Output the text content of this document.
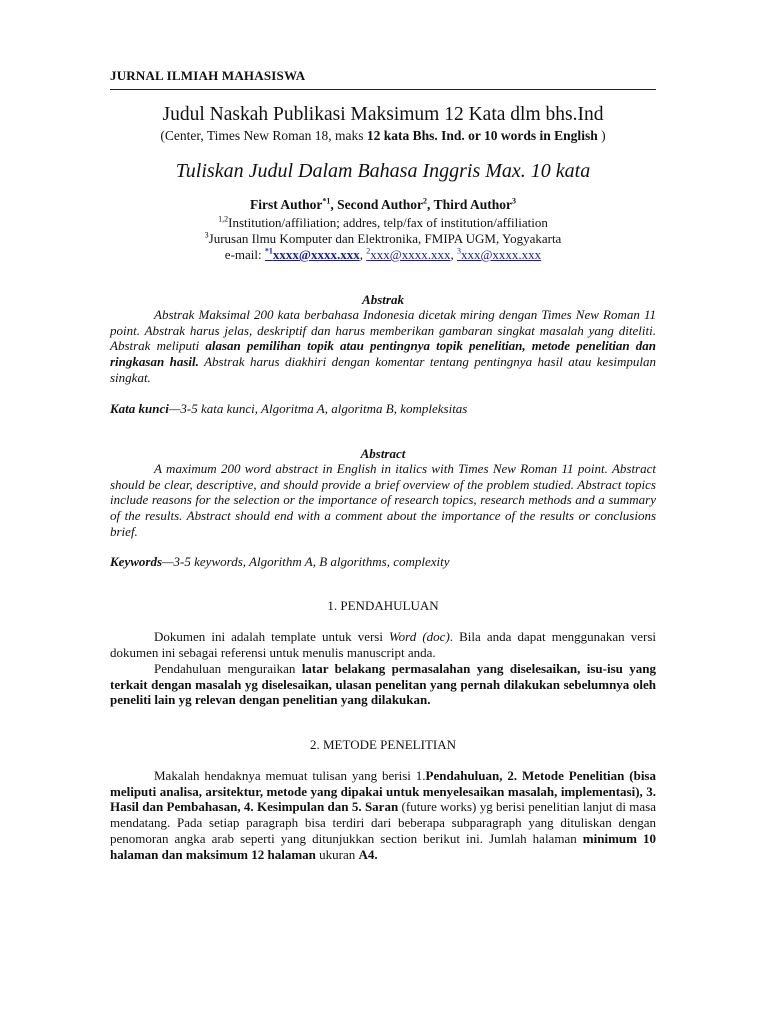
JURNAL ILMIAH MAHASISWA
Judul Naskah Publikasi Maksimum 12 Kata dlm bhs.Ind
(Center, Times New Roman 18, maks 12 kata Bhs. Ind. or 10 words in English )
Tuliskan Judul Dalam Bahasa Inggris Max. 10 kata
First Author$^{*1}$, Second Author$^2$, Third Author$^3$
$^{1,2}$Institution/affiliation; addres, telp/fax of institution/affiliation
$^3$Jurusan Ilmu Komputer dan Elektronika, FMIPA UGM, Yogyakarta
e-mail: $^{*1}$xxxx@xxxx.xxx, $^2$xxx@xxxx.xxx, $^3$xxx@xxxx.xxx
Abstrak
Abstrak Maksimal 200 kata berbahasa Indonesia dicetak miring dengan Times New Roman 11 point. Abstrak harus jelas, deskriptif dan harus memberikan gambaran singkat masalah yang diteliti. Abstrak meliputi alasan pemilihan topik atau pentingnya topik penelitian, metode penelitian dan ringkasan hasil. Abstrak harus diakhiri dengan komentar tentang pentingnya hasil atau kesimpulan singkat.
Kata kunci—3-5 kata kunci, Algoritma A, algoritma B, kompleksitas
Abstract
A maximum 200 word abstract in English in italics with Times New Roman 11 point. Abstract should be clear, descriptive, and should provide a brief overview of the problem studied. Abstract topics include reasons for the selection or the importance of research topics, research methods and a summary of the results. Abstract should end with a comment about the importance of the results or conclusions brief.
Keywords—3-5 keywords, Algorithm A, B algorithms, complexity
1. PENDAHULUAN
Dokumen ini adalah template untuk versi Word (doc). Bila anda dapat menggunakan versi dokumen ini sebagai referensi untuk menulis manuscript anda.
Pendahuluan menguraikan latar belakang permasalahan yang diselesaikan, isu-isu yang terkait dengan masalah yg diselesaikan, ulasan penelitan yang pernah dilakukan sebelumnya oleh peneliti lain yg relevan dengan penelitian yang dilakukan.
2. METODE PENELITIAN
Makalah hendaknya memuat tulisan yang berisi 1.Pendahuluan, 2. Metode Penelitian (bisa meliputi analisa, arsitektur, metode yang dipakai untuk menyelesaikan masalah, implementasi), 3. Hasil dan Pembahasan, 4. Kesimpulan dan 5. Saran (future works) yg berisi penelitian lanjut di masa mendatang. Pada setiap paragraph bisa terdiri dari beberapa subparagraph yang dituliskan dengan penomoran angka arab seperti yang ditunjukkan section berikut ini. Jumlah halaman minimum 10 halaman dan maksimum 12 halaman ukuran A4.
